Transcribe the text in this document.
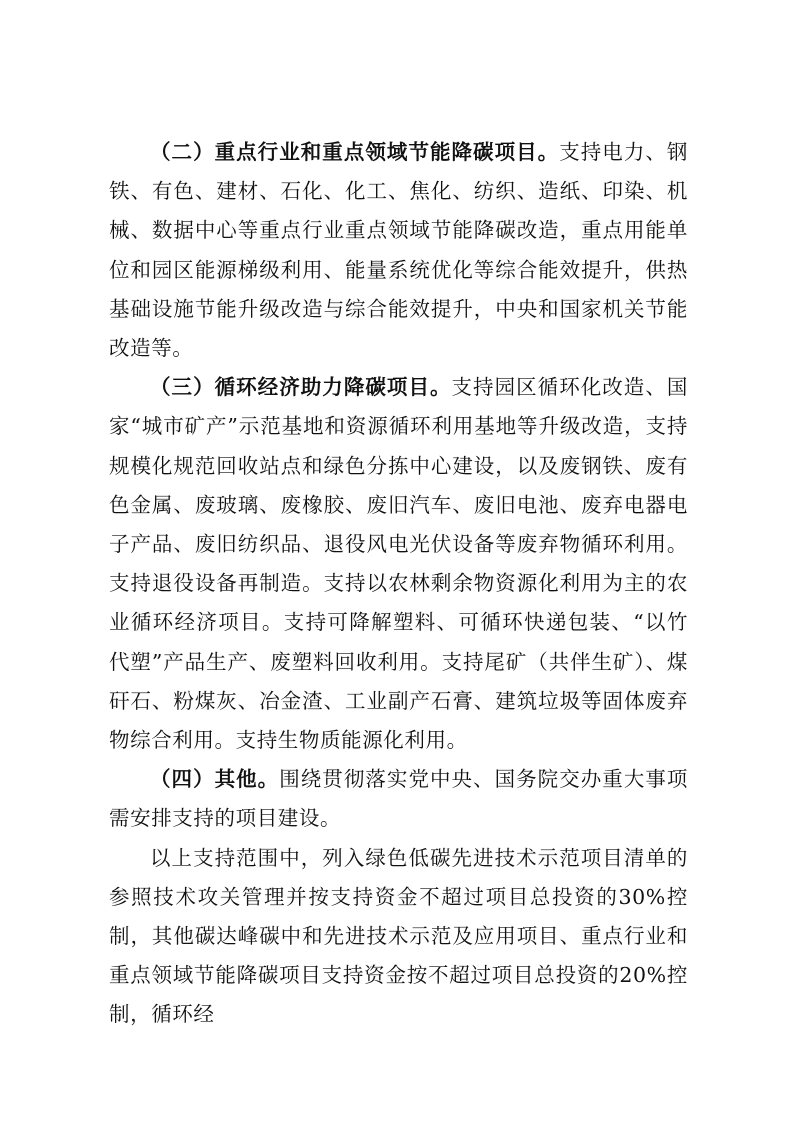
（二）重点行业和重点领域节能降碳项目。支持电力、钢铁、有色、建材、石化、化工、焦化、纺织、造纸、印染、机械、数据中心等重点行业重点领域节能降碳改造，重点用能单位和园区能源梯级利用、能量系统优化等综合能效提升，供热基础设施节能升级改造与综合能效提升，中央和国家机关节能改造等。

（三）循环经济助力降碳项目。支持园区循环化改造、国家“城市矿产”示范基地和资源循环利用基地等升级改造，支持规模化规范回收站点和绿色分拣中心建设，以及废钢铁、废有色金属、废玻璃、废橡胶、废旧汽车、废旧电池、废弃电器电子产品、废旧纺织品、退役风电光伏设备等废弃物循环利用。支持退役设备再制造。支持以农林剩余物资源化利用为主的农业循环经济项目。支持可降解塑料、可循环快递包装、“以竹代塑”产品生产、废塑料回收利用。支持尾矿（共伴生矿）、煤矸石、粉煤灰、冶金渣、工业副产石膏、建筑垃圾等固体废弃物综合利用。支持生物质能源化利用。

（四）其他。围绕贯彻落实党中央、国务院交办重大事项需安排支持的项目建设。

以上支持范围中，列入绿色低碳先进技术示范项目清单的参照技术攻关管理并按支持资金不超过项目总投资的30%控制，其他碳达峰碳中和先进技术示范及应用项目、重点行业和重点领域节能降碳项目支持资金按不超过项目总投资的20%控制，循环经
